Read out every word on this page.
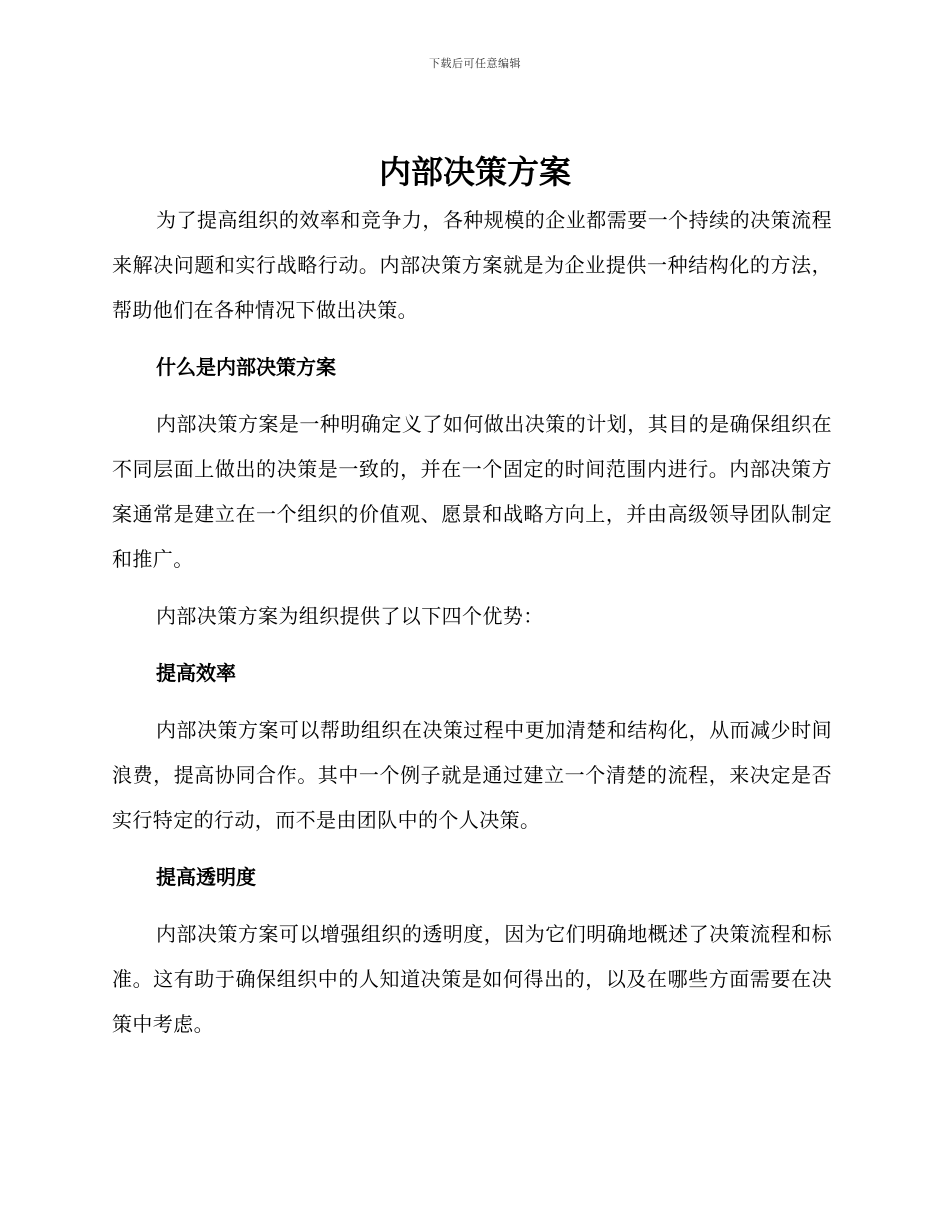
下载后可任意编辑
内部决策方案

为了提高组织的效率和竞争力，各种规模的企业都需要一个持续的决策流程来解决问题和实行战略行动。内部决策方案就是为企业提供一种结构化的方法，帮助他们在各种情况下做出决策。

什么是内部决策方案

内部决策方案是一种明确定义了如何做出决策的计划，其目的是确保组织在不同层面上做出的决策是一致的，并在一个固定的时间范围内进行。内部决策方案通常是建立在一个组织的价值观、愿景和战略方向上，并由高级领导团队制定和推广。

内部决策方案为组织提供了以下四个优势：

提高效率

内部决策方案可以帮助组织在决策过程中更加清楚和结构化，从而减少时间浪费，提高协同合作。其中一个例子就是通过建立一个清楚的流程，来决定是否实行特定的行动，而不是由团队中的个人决策。

提高透明度

内部决策方案可以增强组织的透明度，因为它们明确地概述了决策流程和标准。这有助于确保组织中的人知道决策是如何得出的，以及在哪些方面需要在决策中考虑。
